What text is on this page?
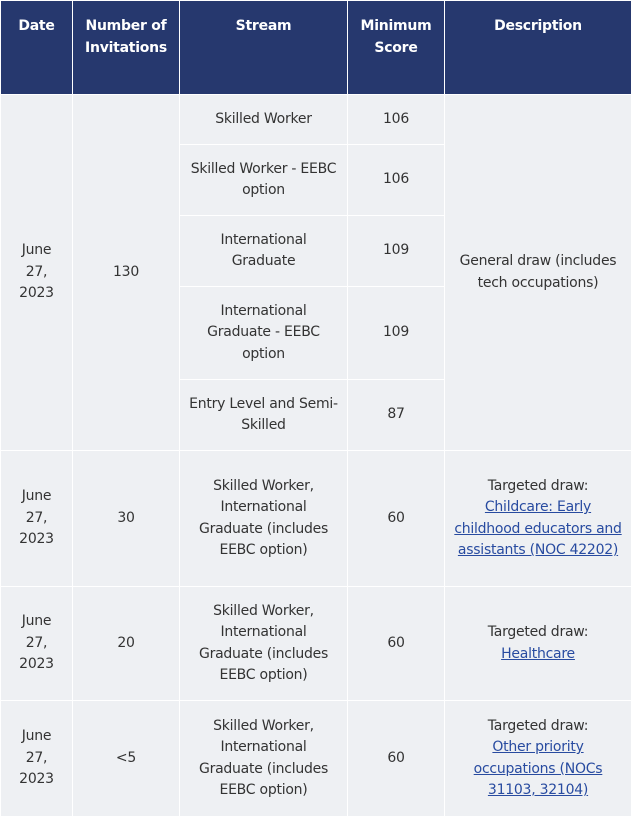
Date	Number of Invitations	Stream	Minimum Score	Description
June 27, 2023	130	Skilled Worker	106	General draw (includes tech occupations)
		Skilled Worker - EEBC option	106	
		International Graduate	109	
		International Graduate - EEBC option	109	
		Entry Level and Semi-Skilled	87	
June 27, 2023	30	Skilled Worker, International Graduate (includes EEBC option)	60	Targeted draw:
Childcare: Early childhood educators and assistants (NOC 42202)
June 27, 2023	20	Skilled Worker, International Graduate (includes EEBC option)	60	Targeted draw:
Healthcare
June 27, 2023	<5	Skilled Worker, International Graduate (includes EEBC option)	60	Targeted draw:
Other priority occupations (NOCs 31103, 32104)
